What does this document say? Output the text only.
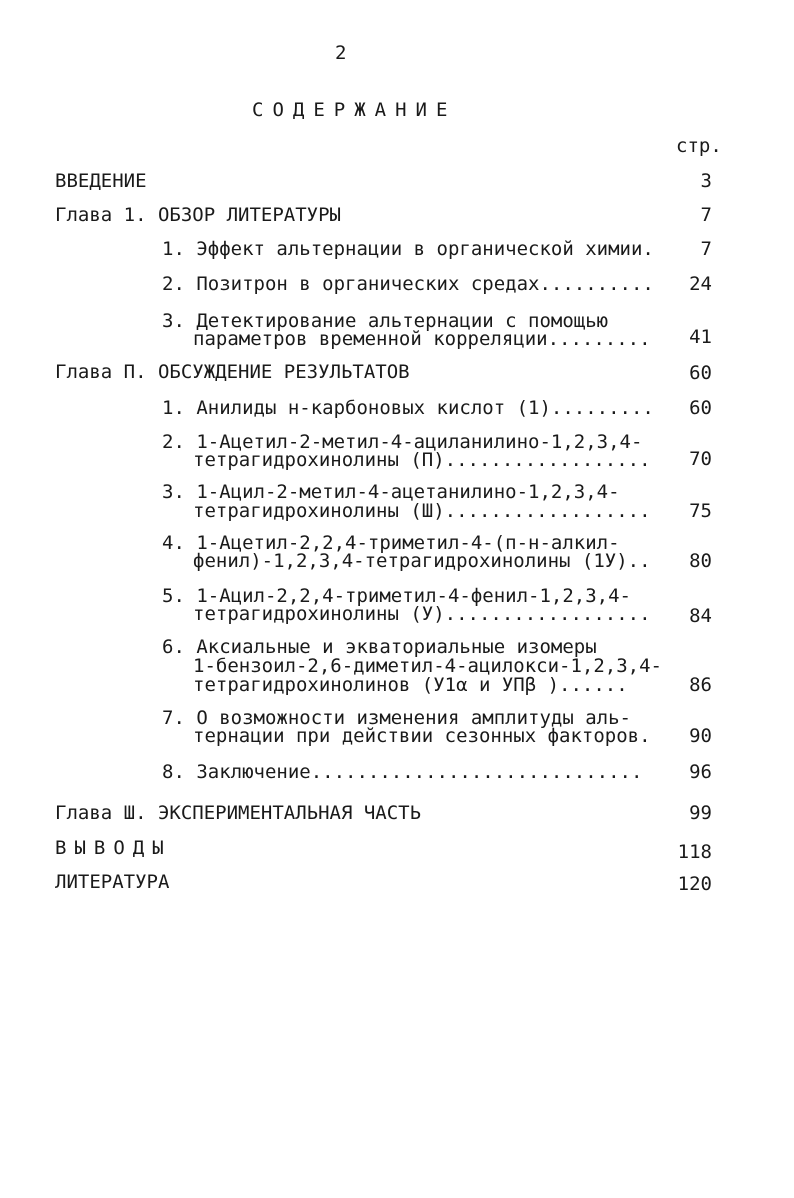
2
СОДЕРЖАНИЕ
стр.
ВВЕДЕНИЕ	3
Глава 1. ОБЗОР ЛИТЕРАТУРЫ	7
1. Эффект альтернации в органической химии.	7
2. Позитрон в органических средах..........	24
3. Детектирование альтернации с помощью
параметров временной корреляции.........	41
Глава П. ОБСУЖДЕНИЕ РЕЗУЛЬТАТОВ	60
1. Анилиды н-карбоновых кислот (1).........	60
2. 1-Ацетил-2-метил-4-ациланилино-1,2,3,4-
тетрагидрохинолины (П)..................	70
3. 1-Ацил-2-метил-4-ацетанилино-1,2,3,4-
тетрагидрохинолины (Ш)..................	75
4. 1-Ацетил-2,2,4-триметил-4-(п-н-алкил-
фенил)-1,2,3,4-тетрагидрохинолины (1У)..	80
5. 1-Ацил-2,2,4-триметил-4-фенил-1,2,3,4-
тетрагидрохинолины (У)..................	84
6. Аксиальные и экваториальные изомеры
1-бензоил-2,6-диметил-4-ацилокси-1,2,3,4-
тетрагидрохинолинов (У1α и УПβ )......	86
7. О возможности изменения амплитуды аль-
тернации при действии сезонных факторов.	90
8. Заключение.............................	96
Глава Ш. ЭКСПЕРИМЕНТАЛЬНАЯ ЧАСТЬ	99
ВЫВОДЫ	118
ЛИТЕРАТУРА	120
